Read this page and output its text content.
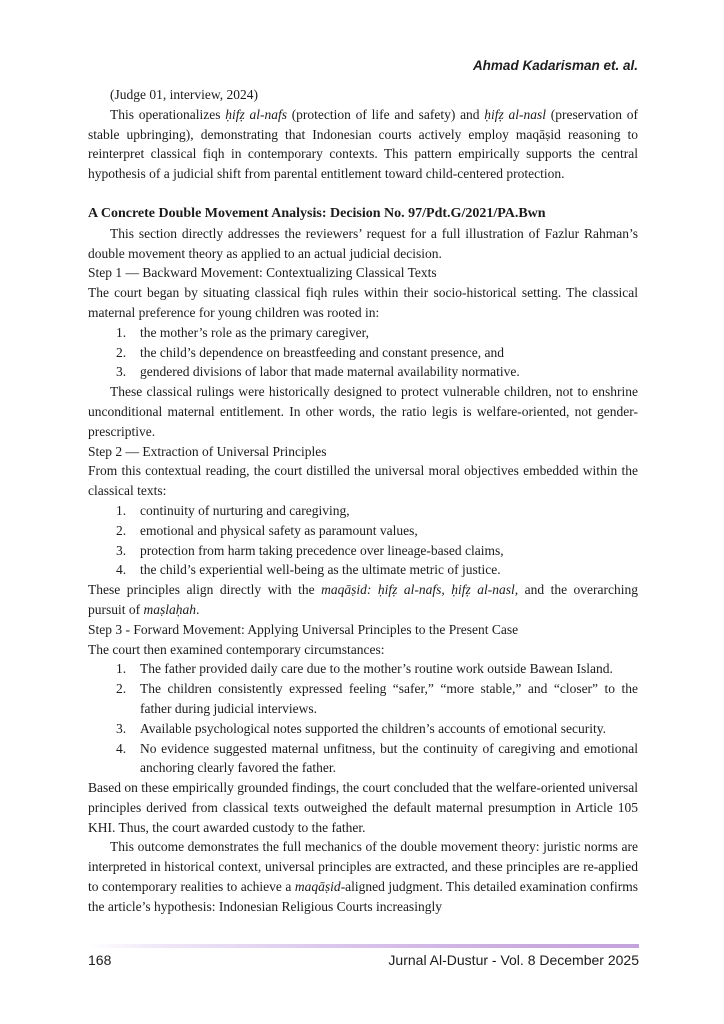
Ahmad Kadarisman et. al.
(Judge 01, interview, 2024)
This operationalizes ḥifẓ al-nafs (protection of life and safety) and ḥifẓ al-nasl (preservation of stable upbringing), demonstrating that Indonesian courts actively employ maqāṣid reasoning to reinterpret classical fiqh in contemporary contexts. This pattern empirically supports the central hypothesis of a judicial shift from parental entitlement toward child-centered protection.
A Concrete Double Movement Analysis: Decision No. 97/Pdt.G/2021/PA.Bwn
This section directly addresses the reviewers’ request for a full illustration of Fazlur Rahman’s double movement theory as applied to an actual judicial decision.
Step 1 — Backward Movement: Contextualizing Classical Texts
The court began by situating classical fiqh rules within their socio-historical setting. The classical maternal preference for young children was rooted in:
1. the mother’s role as the primary caregiver,
2. the child’s dependence on breastfeeding and constant presence, and
3. gendered divisions of labor that made maternal availability normative.
These classical rulings were historically designed to protect vulnerable children, not to enshrine unconditional maternal entitlement. In other words, the ratio legis is welfare-oriented, not gender-prescriptive.
Step 2 — Extraction of Universal Principles
From this contextual reading, the court distilled the universal moral objectives embedded within the classical texts:
1. continuity of nurturing and caregiving,
2. emotional and physical safety as paramount values,
3. protection from harm taking precedence over lineage-based claims,
4. the child’s experiential well-being as the ultimate metric of justice.
These principles align directly with the maqāṣid: ḥifẓ al-nafs, ḥifẓ al-nasl, and the overarching pursuit of maṣlaḥah.
Step 3 - Forward Movement: Applying Universal Principles to the Present Case
The court then examined contemporary circumstances:
1. The father provided daily care due to the mother’s routine work outside Bawean Island.
2. The children consistently expressed feeling “safer,” “more stable,” and “closer” to the father during judicial interviews.
3. Available psychological notes supported the children’s accounts of emotional security.
4. No evidence suggested maternal unfitness, but the continuity of caregiving and emotional anchoring clearly favored the father.
Based on these empirically grounded findings, the court concluded that the welfare-oriented universal principles derived from classical texts outweighed the default maternal presumption in Article 105 KHI. Thus, the court awarded custody to the father.
This outcome demonstrates the full mechanics of the double movement theory: juristic norms are interpreted in historical context, universal principles are extracted, and these principles are re-applied to contemporary realities to achieve a maqāṣid-aligned judgment. This detailed examination confirms the article’s hypothesis: Indonesian Religious Courts increasingly
168	Jurnal Al-Dustur - Vol. 8 December 2025
